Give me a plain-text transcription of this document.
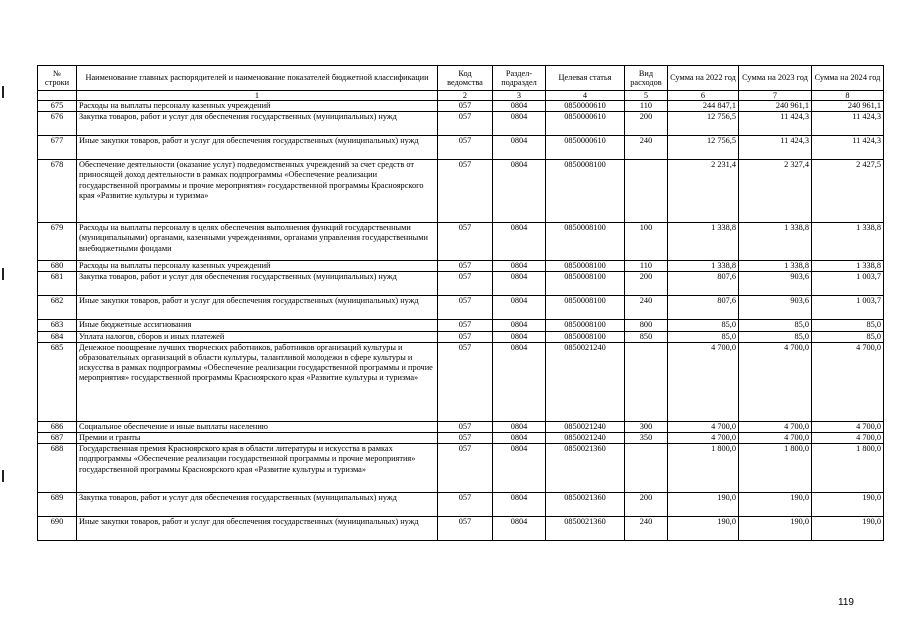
№ строки	Наименование главных распорядителей и наименование показателей бюджетной классификации	Код ведомства	Раздел- подраздел	Целевая статья	Вид расходов	Сумма на 2022 год	Сумма на 2023 год	Сумма на 2024 год
	1	2	3	4	5	6	7	8
675	Расходы на выплаты персоналу казенных учреждений	057	0804	0850000610	110	244 847,1	240 961,1	240 961,1
676	Закупка товаров, работ и услуг для обеспечения государственных (муниципальных) нужд	057	0804	0850000610	200	12 756,5	11 424,3	11 424,3
677	Иные закупки товаров, работ и услуг для обеспечения государственных (муниципальных) нужд	057	0804	0850000610	240	12 756,5	11 424,3	11 424,3
678	Обеспечение деятельности (оказание услуг) подведомственных учреждений за счет средств от приносящей доход деятельности в рамках подпрограммы «Обеспечение реализации государственной программы и прочие мероприятия» государственной программы Красноярского края «Развитие культуры и туризма»	057	0804	0850008100		2 231,4	2 327,4	2 427,5
679	Расходы на выплаты персоналу в целях обеспечения выполнения функций государственными (муниципальными) органами, казенными учреждениями, органами управления государственными внебюджетными фондами	057	0804	0850008100	100	1 338,8	1 338,8	1 338,8
680	Расходы на выплаты персоналу казенных учреждений	057	0804	0850008100	110	1 338,8	1 338,8	1 338,8
681	Закупка товаров, работ и услуг для обеспечения государственных (муниципальных) нужд	057	0804	0850008100	200	807,6	903,6	1 003,7
682	Иные закупки товаров, работ и услуг для обеспечения государственных (муниципальных) нужд	057	0804	0850008100	240	807,6	903,6	1 003,7
683	Иные бюджетные ассигнования	057	0804	0850008100	800	85,0	85,0	85,0
684	Уплата налогов, сборов и иных платежей	057	0804	0850008100	850	85,0	85,0	85,0
685	Денежное поощрение лучших творческих работников, работников организаций культуры и образовательных организаций в области культуры, талантливой молодежи в сфере культуры и искусства в рамках подпрограммы «Обеспечение реализации государственной программы и прочие мероприятия» государственной программы Красноярского края «Развитие культуры и туризма»	057	0804	0850021240		4 700,0	4 700,0	4 700,0
686	Социальное обеспечение и иные выплаты населению	057	0804	0850021240	300	4 700,0	4 700,0	4 700,0
687	Премии и гранты	057	0804	0850021240	350	4 700,0	4 700,0	4 700,0
688	Государственная премия Красноярского края в области литературы и искусства в рамках подпрограммы «Обеспечение реализации государственной программы и прочие мероприятия» государственной программы Красноярского края «Развитие культуры и туризма»	057	0804	0850021360		1 800,0	1 800,0	1 800,0
689	Закупка товаров, работ и услуг для обеспечения государственных (муниципальных) нужд	057	0804	0850021360	200	190,0	190,0	190,0
690	Иные закупки товаров, работ и услуг для обеспечения государственных (муниципальных) нужд	057	0804	0850021360	240	190,0	190,0	190,0
119
